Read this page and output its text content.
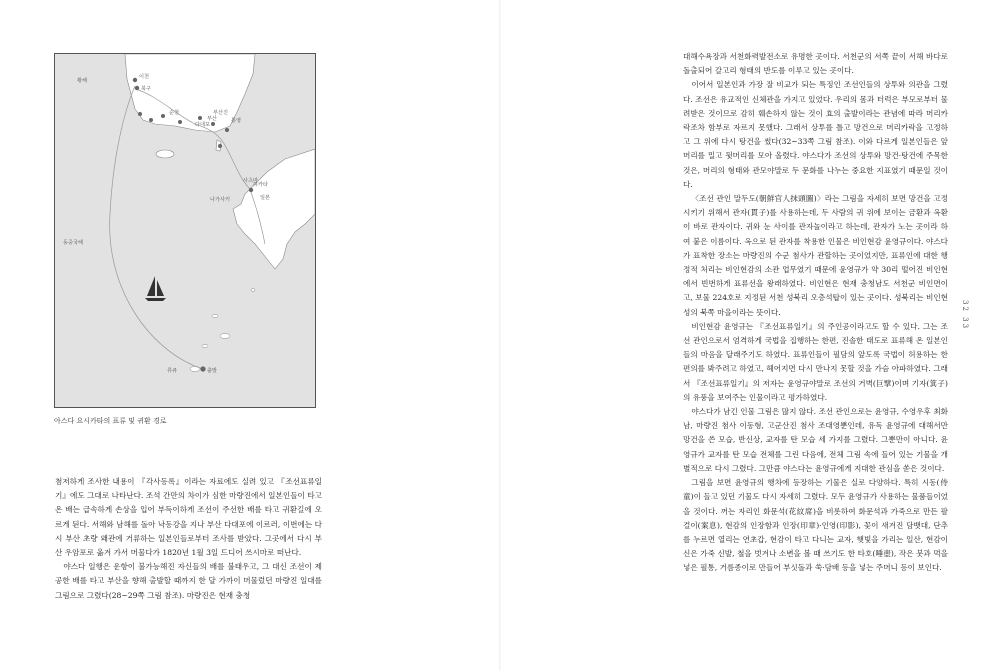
황해
이천
북구
순천
다대포
부산진
부산	통영
나가사키
하카타
일본
사츠마
동중국해
류큐	출발
아스다 요시카타의 표류 및 귀환 경로

첨저하게 조사한 내용이 『각사등록』이라는 자료에도 실려 있고 『조선표류일기』에도 그대로 나타난다. 조석 간만의 차이가 심한 마량진에서 일본인들이 타고 온 배는 급속하게 손상을 입어 부득이하게 조선이 주선한 배를 타고 귀환길에 오르게 된다. 서해와 남해를 돌아 낙동강을 지나 부산 다대포에 이르러, 이번에는 다시 부산 초량 왜관에 거류하는 일본인들로부터 조사를 받았다. 그곳에서 다시 부산 우암포로 옮겨 가서 머물다가 1820년 1월 3일 드디어 쓰시마로 떠난다.

야스다 일행은 운항이 불가능해진 자신들의 배를 불태우고, 그 대신 조선이 제공한 배를 타고 부산을 향해 출발할 때까지 한 달 가까이 머물렀던 마량진 일대를 그림으로 그렸다(28~29쪽 그림 참조). 마량진은 현재 충청

대해수욕장과 서천화력발전소로 유명한 곳이다. 서천군의 서쪽 끝이 서해 바다로 돌출되어 갈고리 형태의 반도를 이루고 있는 곳이다.

이어서 일본인과 가장 잘 비교가 되는 특징인 조선인들의 상투와 의관을 그렸다. 조선은 유교적인 신체관을 가지고 있었다. 우리의 몸과 터럭은 부모로부터 물려받은 것이므로 감히 훼손하지 않는 것이 효의 출발이라는 관념에 따라 머리카락조차 함부로 자르지 못했다. 그래서 상투를 틀고 망건으로 머리카락을 고정하고 그 위에 다시 탕건을 썼다(32~33쪽 그림 참조). 이와 다르게 일본인들은 앞머리를 밀고 뒷머리를 모아 올렸다. 야스다가 조선의 상투와 망건·탕건에 주목한 것은, 머리의 형태와 관모야말로 두 문화를 나누는 중요한 지표였기 때문일 것이다.

〈조선 관인 말두도(朝鮮官人抹頭圖)〉라는 그림을 자세히 보면 망건을 고정시키기 위해서 관자(貫子)를 사용하는데, 두 사람의 귀 위에 보이는 금환과 옥환이 바로 관자이다. 귀와 눈 사이를 관자놀이라고 하는데, 관자가 노는 곳이라 하여 붙은 이름이다. 옥으로 된 관자를 착용한 인물은 비인현감 윤영규이다. 야스다가 표착한 장소는 마량진의 수군 첨사가 관할하는 곳이었지만, 표류인에 대한 행정적 처리는 비인현감의 소관 업무였기 때문에 윤영규가 약 30리 떨어진 비인현에서 빈번하게 표류선을 왕래하였다. 비인현은 현재 충청남도 서천군 비인면이고, 보물 224호로 지정된 서천 성북리 오층석탑이 있는 곳이다. 성북리는 비인현성의 북쪽 마을이라는 뜻이다.

비인현감 윤영규는 『조선표류일기』의 주인공이라고도 할 수 있다. 그는 조선 관인으로서 엄격하게 국법을 집행하는 한편, 진솔한 태도로 표류해 온 일본인들의 마음을 달래주기도 하였다. 표류인들이 필담의 앞도록 국법이 허용하는 한 편의를 봐주려고 하였고, 헤어지면 다시 만나지 못할 것을 가슴 아파하였다. 그래서 『조선표류일기』의 저자는 윤영규야말로 조선의 거벽(巨擘)이며 기자(箕子)의 유풍을 보여주는 인물이라고 평가하였다.

야스다가 남긴 인물 그림은 많지 않다. 조선 관인으로는 윤영규, 수영우후 최화남, 마량진 첨사 이동형, 고군산진 첨사 조대영뿐인데, 유독 윤영규에 대해서만 망건을 쓴 모습, 반신상, 교자를 탄 모습 세 가지를 그렸다. 그뿐만이 아니다. 윤영규가 교자를 탄 모습 전체를 그린 다음에, 전체 그림 속에 들어 있는 기물을 개별적으로 다시 그렸다. 그만큼 야스다는 윤영규에게 지대한 관심을 쏟은 것이다.

그림을 보면 윤영규의 행차에 등장하는 기물은 실로 다양하다. 특히 시동(侍童)이 들고 있던 기물도 다시 자세히 그렸다. 모두 윤영규가 사용하는 물품들이었을 것이다. 꺼는 자리인 화문석(花紋席)을 비롯하여 화문석과 가죽으로 만든 팔걸이(案息), 현감의 인장함과 인장(印章)·인영(印影), 꽃이 새겨진 담뱃대, 단추를 누르면 열리는 연초갑, 현감이 타고 다니는 교자, 햇빛을 가리는 일산, 현감이 신은 가죽 신발, 철을 벗겨나 소변을 볼 때 쓰기도 한 타호(唾壺), 작은 붓과 먹을 넣은 필통, 거름종이로 만들어 부싯돌과 쑥·담배 등을 넣는 주머니 등이 보인다.

32 33
